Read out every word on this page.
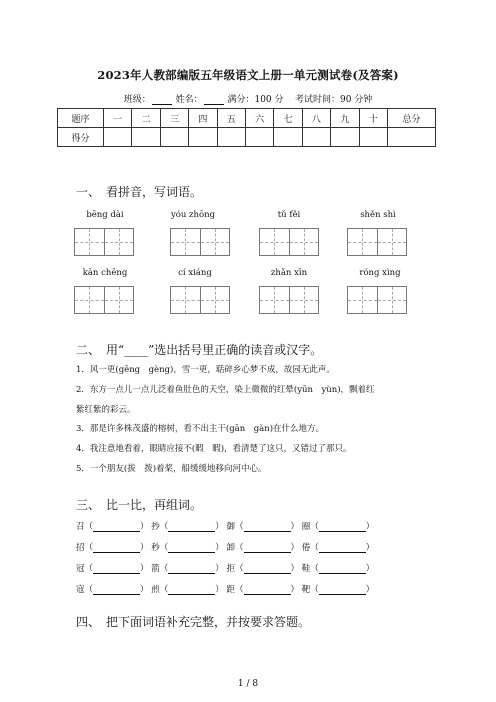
2023年人教部编版五年级语文上册一单元测试卷(及答案)
班级：	姓名：	满分：100 分 考试时间：90 分钟
题序	一	二	三	四	五	六	七	八	九	十	总分
得分											
一、　看拼音，写词语。
bēng dài	yóu zhōng	tǔ fěi	shěn shì
kān chēng	cí xiáng	zhǎn xīn	róng xìng
二、　用“____”选出括号里正确的读音或汉字。
1．风一更(gēng　gèng)，雪一更，聒碎乡心梦不成，故园无此声。
2．东方一点儿一点儿泛着鱼肚色的天空，染上微微的红晕(yūn　yùn)，飘着红
紫红紫的彩云。
3．那是许多株茂盛的榕树，看不出主干(gān　gàn)在什么地方。
4．我注意地看着，眼睛应接不(暇　暇)，看清楚了这只，又错过了那只。
5．一个朋友(拔　拨)着桨，船缓缓地移向河中心。
三、　比一比，再组词。
召（	） 抄（	） 御（	） 圈（	）
招（	） 秒（	） 卸（	） 倦（	）
冠（	） 箭（	） 拒（	） 鞋（	）
寇（	） 煎（	） 距（	） 靶（	）
四、　把下面词语补充完整，并按要求答题。
1 / 8
